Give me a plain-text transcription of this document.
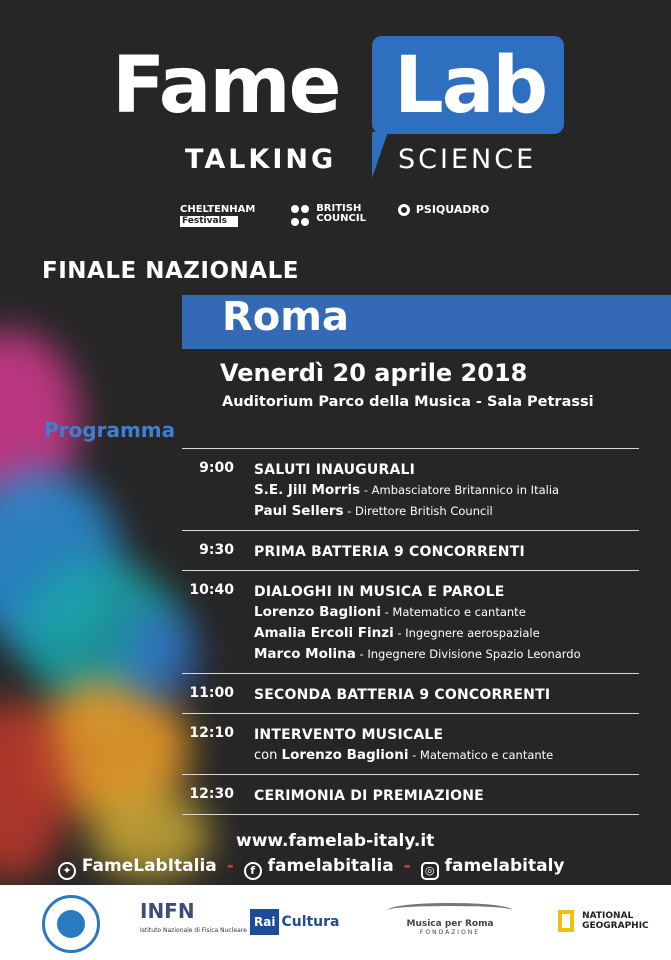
Fame Lab
TALKING SCIENCE
CHELTENHAM
Festivals
BRITISH COUNCIL
PSIQUADRO
FINALE NAZIONALE
Roma
Venerdì 20 aprile 2018
Auditorium Parco della Musica - Sala Petrassi
Programma
9:00 SALUTI INAUGURALI
S.E. Jill Morris - Ambasciatore Britannico in Italia
Paul Sellers - Direttore British Council
9:30 PRIMA BATTERIA 9 CONCORRENTI
10:40 DIALOGHI IN MUSICA E PAROLE
Lorenzo Baglioni - Matematico e cantante
Amalia Ercoli Finzi - Ingegnere aerospaziale
Marco Molina - Ingegnere Divisione Spazio Leonardo
11:00 SECONDA BATTERIA 9 CONCORRENTI
12:10 INTERVENTO MUSICALE
con Lorenzo Baglioni - Matematico e cantante
12:30 CERIMONIA DI PREMIAZIONE
www.famelab-italy.it
✦ FameLabItalia - f famelabitalia - ◎ famelabitaly
INFN
Istituto Nazionale di Fisica Nucleare
Rai Cultura	Musica per Roma
FONDAZIONE
NATIONAL GEOGRAPHIC
